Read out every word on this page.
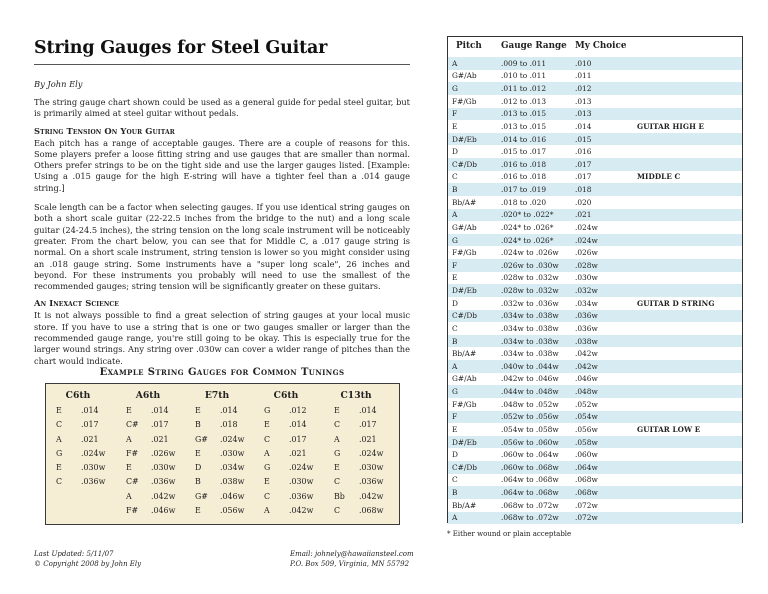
String Gauges for Steel Guitar
By John Ely
The string gauge chart shown could be used as a general guide for pedal steel guitar, but is primarily aimed at steel guitar without pedals.
String Tension On Your Guitar
Each pitch has a range of acceptable gauges. There are a couple of reasons for this. Some players prefer a loose fitting string and use gauges that are smaller than normal. Others prefer strings to be on the tight side and use the larger gauges listed. [Example: Using a .015 gauge for the high E-string will have a tighter feel than a .014 gauge string.]
Scale length can be a factor when selecting gauges. If you use identical string gauges on both a short scale guitar (22-22.5 inches from the bridge to the nut) and a long scale guitar (24-24.5 inches), the string tension on the long scale instrument will be noticeably greater. From the chart below, you can see that for Middle C, a .017 gauge string is normal. On a short scale instrument, string tension is lower so you might consider using an .018 gauge string. Some instruments have a "super long scale", 26 inches and beyond. For these instruments you probably will need to use the smallest of the recommended gauges; string tension will be significantly greater on these guitars.
An Inexact Science
It is not always possible to find a great selection of string gauges at your local music store. If you have to use a string that is one or two gauges smaller or larger than the recommended gauge range, you're still going to be okay. This is especially true for the larger wound strings. Any string over .030w can cover a wider range of pitches than the chart would indicate.
Example String Gauges for Common Tunings
C6th
E	.014
C	.017
A	.021
G	.024w
E	.030w
C	.036w
A6th
E	.014
C#	.017
A	.021
F#	.026w
E	.030w
C#	.036w
A	.042w
F#	.046w
E7th
E	.014
B	.018
G#	.024w
E	.030w
D	.034w
B	.038w
G#	.046w
E	.056w
C6th
G	.012
E	.014
C	.017
A	.021
G	.024w
E	.030w
C	.036w
A	.042w
C13th
E	.014
C	.017
A	.021
G	.024w
E	.030w
C	.036w
Bb	.042w
C	.068w
Last Updated: 5/11/07
© Copyright 2008 by John Ely
Email: johnely@hawaiiansteel.com
P.O. Box 509, Virginia, MN 55792
Pitch Gauge Range My Choice
A	.009 to .011	.010
G#/Ab	.010 to .011	.011
G	.011 to .012	.012
F#/Gb	.012 to .013	.013
F	.013 to .015	.013
E	.013 to .015	.014	GUITAR HIGH E
D#/Eb	.014 to .016	.015
D	.015 to .017	.016
C#/Db	.016 to .018	.017
C	.016 to .018	.017	MIDDLE C
B	.017 to .019	.018
Bb/A#	.018 to .020	.020
A	.020* to .022*	.021
G#/Ab	.024* to .026*	.024w
G	.024* to .026*	.024w
F#/Gb	.024w to .026w	.026w
F	.026w to .030w	.028w
E	.028w to .032w	.030w
D#/Eb	.028w to .032w	.032w
D	.032w to .036w	.034w	GUITAR D STRING
C#/Db	.034w to .038w	.036w
C	.034w to .038w	.036w
B	.034w to .038w	.038w
Bb/A#	.034w to .038w	.042w
A	.040w to .044w	.042w
G#/Ab	.042w to .046w	.046w
G	.044w to .048w	.048w
F#/Gb	.048w to .052w	.052w
F	.052w to .056w	.054w
E	.054w to .058w	.056w	GUITAR LOW E
D#/Eb	.056w to .060w	.058w
D	.060w to .064w	.060w
C#/Db	.060w to .068w	.064w
C	.064w to .068w	.068w
B	.064w to .068w	.068w
Bb/A#	.068w to .072w	.072w
A	.068w to .072w	.072w
* Either wound or plain acceptable
